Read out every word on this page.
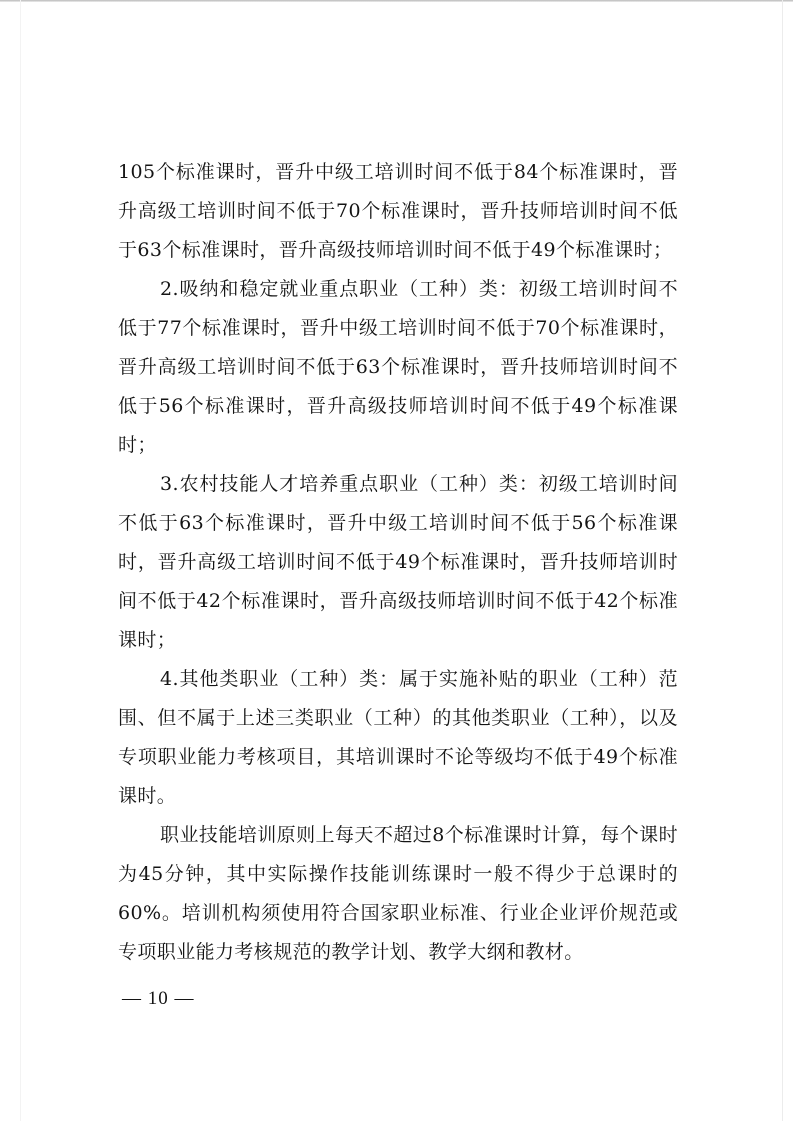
105个标准课时，晋升中级工培训时间不低于84个标准课时，晋升高级工培训时间不低于70个标准课时，晋升技师培训时间不低于63个标准课时，晋升高级技师培训时间不低于49个标准课时；

2.吸纳和稳定就业重点职业（工种）类：初级工培训时间不低于77个标准课时，晋升中级工培训时间不低于70个标准课时，晋升高级工培训时间不低于63个标准课时，晋升技师培训时间不低于56个标准课时，晋升高级技师培训时间不低于49个标准课时；

3.农村技能人才培养重点职业（工种）类：初级工培训时间不低于63个标准课时，晋升中级工培训时间不低于56个标准课时，晋升高级工培训时间不低于49个标准课时，晋升技师培训时间不低于42个标准课时，晋升高级技师培训时间不低于42个标准课时；

4.其他类职业（工种）类：属于实施补贴的职业（工种）范围、但不属于上述三类职业（工种）的其他类职业（工种），以及专项职业能力考核项目，其培训课时不论等级均不低于49个标准课时。

职业技能培训原则上每天不超过8个标准课时计算，每个课时为45分钟，其中实际操作技能训练课时一般不得少于总课时的60%。培训机构须使用符合国家职业标准、行业企业评价规范或专项职业能力考核规范的教学计划、教学大纲和教材。

— 10 —
